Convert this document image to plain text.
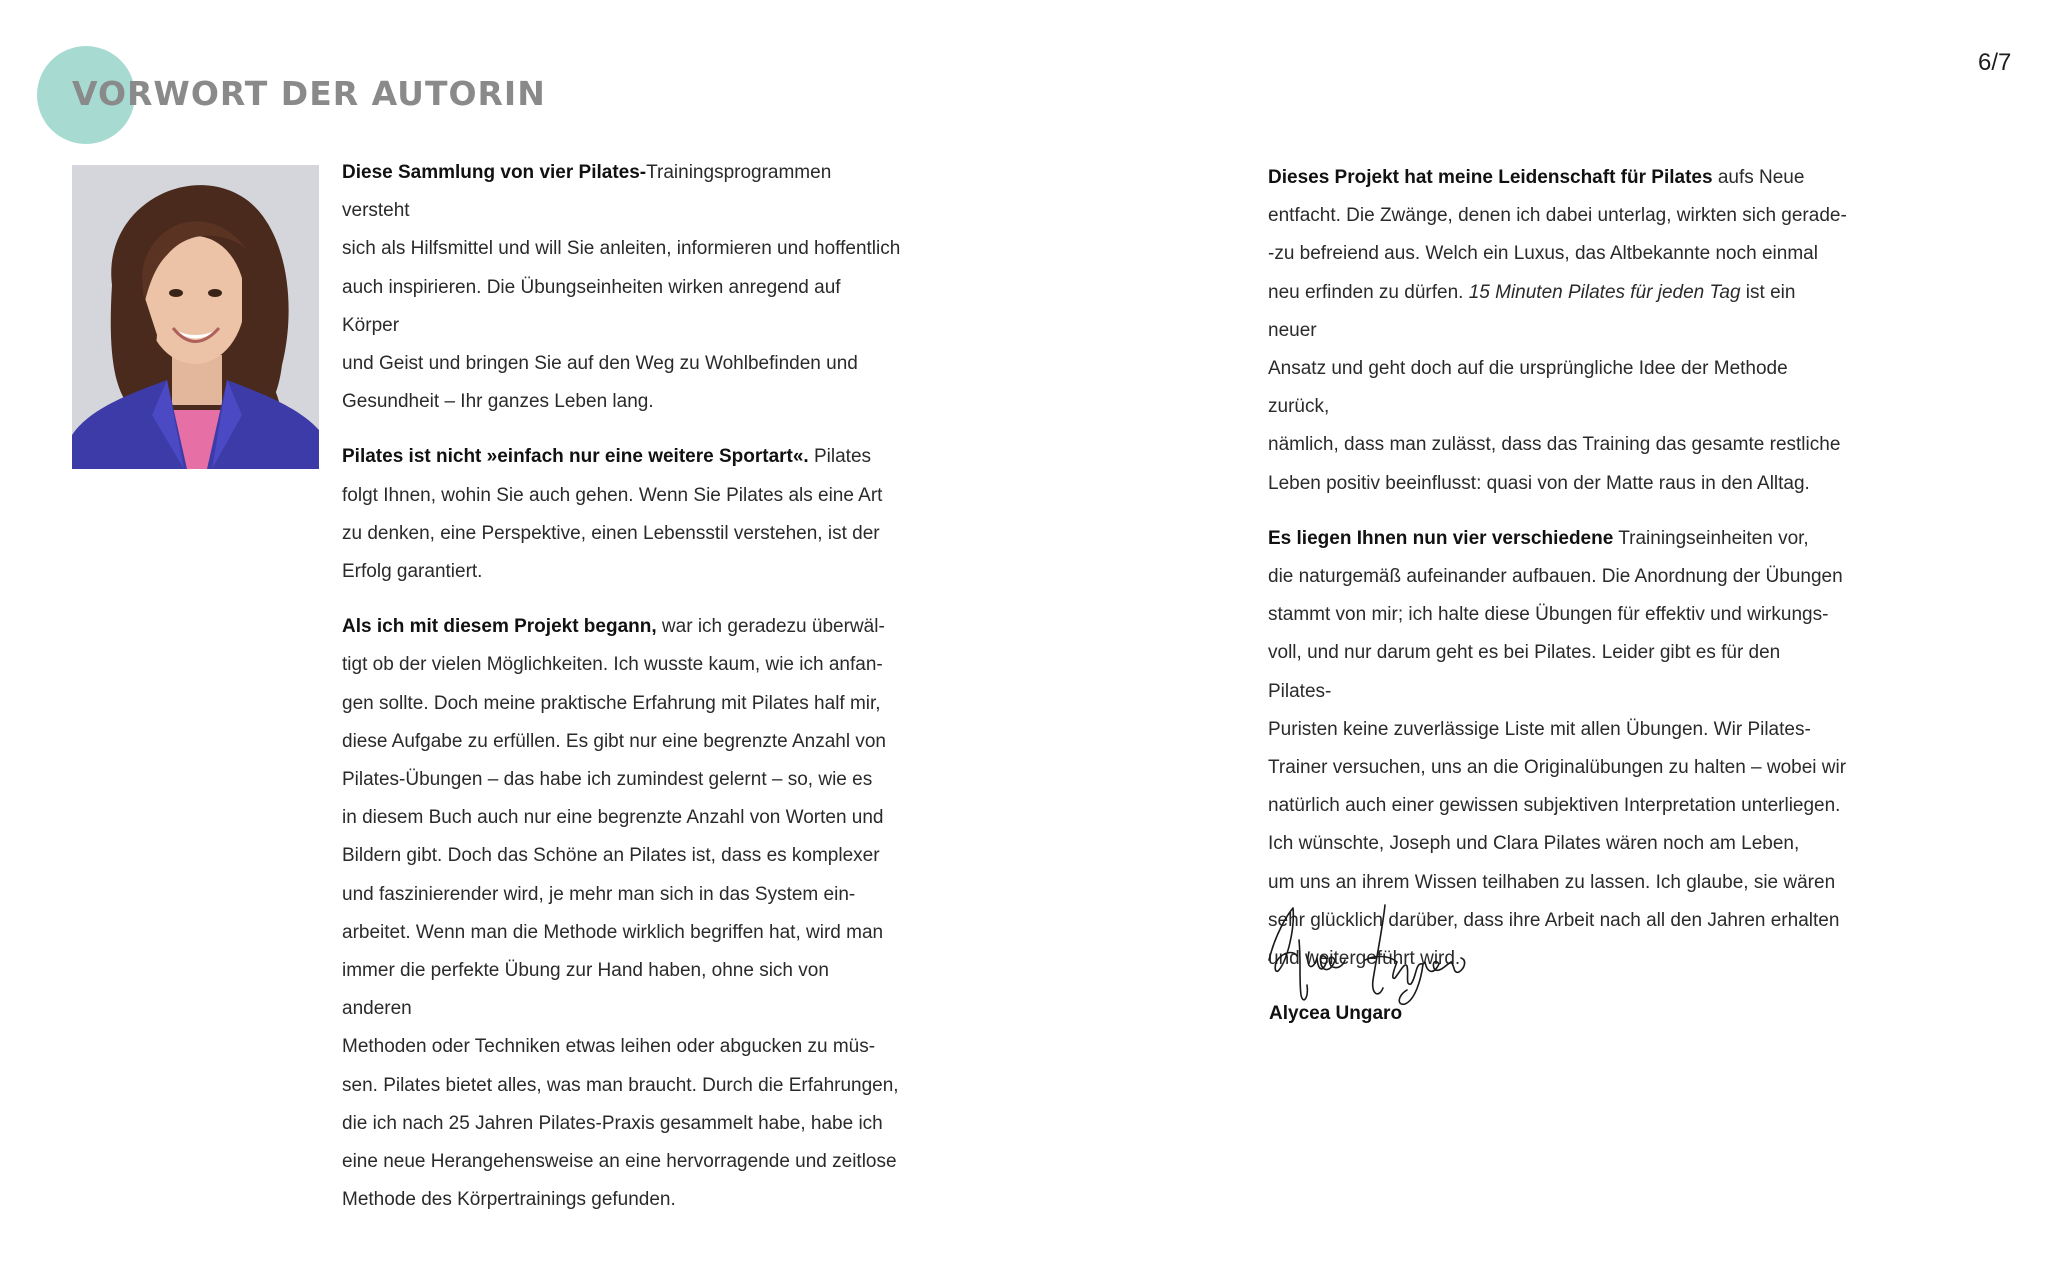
VORWORT DER AUTORIN
6/7

Diese Sammlung von vier Pilates-Trainingsprogrammen versteht
sich als Hilfsmittel und will Sie anleiten, informieren und hoffentlich
auch inspirieren. Die Übungseinheiten wirken anregend auf Körper
und Geist und bringen Sie auf den Weg zu Wohlbefinden und
Gesundheit – Ihr ganzes Leben lang.

Pilates ist nicht »einfach nur eine weitere Sportart«. Pilates
folgt Ihnen, wohin Sie auch gehen. Wenn Sie Pilates als eine Art
zu denken, eine Perspektive, einen Lebensstil verstehen, ist der
Erfolg garantiert.

Als ich mit diesem Projekt begann, war ich geradezu überwäl-
tigt ob der vielen Möglichkeiten. Ich wusste kaum, wie ich anfan-
gen sollte. Doch meine praktische Erfahrung mit Pilates half mir,
diese Aufgabe zu erfüllen. Es gibt nur eine begrenzte Anzahl von
Pilates-Übungen – das habe ich zumindest gelernt – so, wie es
in diesem Buch auch nur eine begrenzte Anzahl von Worten und
Bildern gibt. Doch das Schöne an Pilates ist, dass es komplexer
und faszinierender wird, je mehr man sich in das System ein-
arbeitet. Wenn man die Methode wirklich begriffen hat, wird man
immer die perfekte Übung zur Hand haben, ohne sich von anderen
Methoden oder Techniken etwas leihen oder abgucken zu müs-
sen. Pilates bietet alles, was man braucht. Durch die Erfahrungen,
die ich nach 25 Jahren Pilates-Praxis gesammelt habe, habe ich
eine neue Herangehensweise an eine hervorragende und zeitlose
Methode des Körpertrainings gefunden.

Dieses Projekt hat meine Leidenschaft für Pilates aufs Neue
entfacht. Die Zwänge, denen ich dabei unterlag, wirkten sich gerade-
-zu befreiend aus. Welch ein Luxus, das Altbekannte noch einmal
neu erfinden zu dürfen. 15 Minuten Pilates für jeden Tag ist ein neuer
Ansatz und geht doch auf die ursprüngliche Idee der Methode zurück,
nämlich, dass man zulässt, dass das Training das gesamte restliche
Leben positiv beeinflusst: quasi von der Matte raus in den Alltag.

Es liegen Ihnen nun vier verschiedene Trainingseinheiten vor,
die naturgemäß aufeinander aufbauen. Die Anordnung der Übungen
stammt von mir; ich halte diese Übungen für effektiv und wirkungs-
voll, und nur darum geht es bei Pilates. Leider gibt es für den Pilates-
Puristen keine zuverlässige Liste mit allen Übungen. Wir Pilates-
Trainer versuchen, uns an die Originalübungen zu halten – wobei wir
natürlich auch einer gewissen subjektiven Interpretation unterliegen.
Ich wünschte, Joseph und Clara Pilates wären noch am Leben,
um uns an ihrem Wissen teilhaben zu lassen. Ich glaube, sie wären
sehr glücklich darüber, dass ihre Arbeit nach all den Jahren erhalten
und weitergeführt wird.

Alycea Ungaro
